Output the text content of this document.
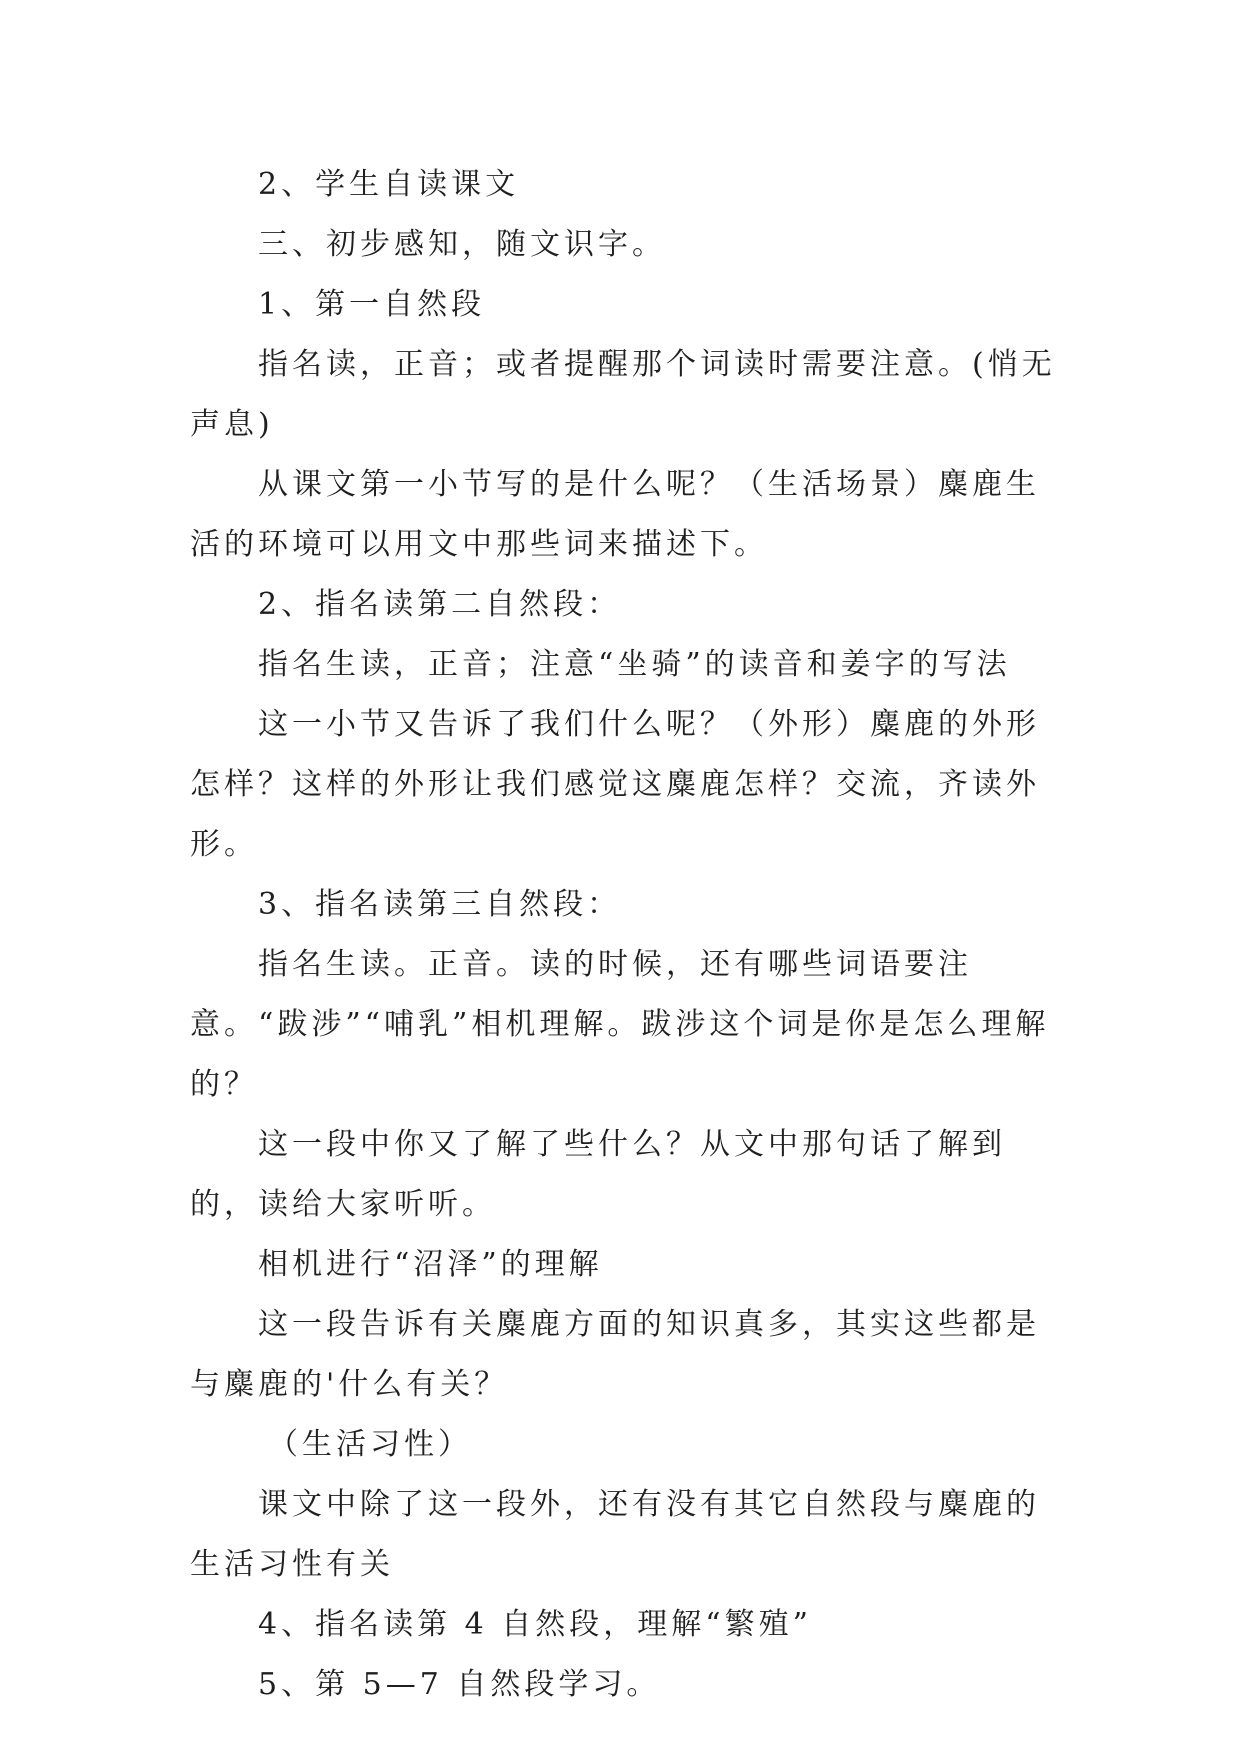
2、学生自读课文

三、初步感知，随文识字。

1、第一自然段

指名读，正音；或者提醒那个词读时需要注意。(悄无声息)

从课文第一小节写的是什么呢？（生活场景）麋鹿生活的环境可以用文中那些词来描述下。

2、指名读第二自然段：

指名生读，正音；注意“坐骑”的读音和姜字的写法

这一小节又告诉了我们什么呢？（外形）麋鹿的外形怎样？这样的外形让我们感觉这麋鹿怎样？交流，齐读外形。

3、指名读第三自然段：

指名生读。正音。读的时候，还有哪些词语要注意。“跋涉”“哺乳”相机理解。跋涉这个词是你是怎么理解的？

这一段中你又了解了些什么？从文中那句话了解到的，读给大家听听。

相机进行“沼泽”的理解

这一段告诉有关麋鹿方面的知识真多，其实这些都是与麋鹿的'什么有关？

（生活习性）

课文中除了这一段外，还有没有其它自然段与麋鹿的生活习性有关

4、指名读第 4 自然段，理解“繁殖”

5、第 5—7 自然段学习。
